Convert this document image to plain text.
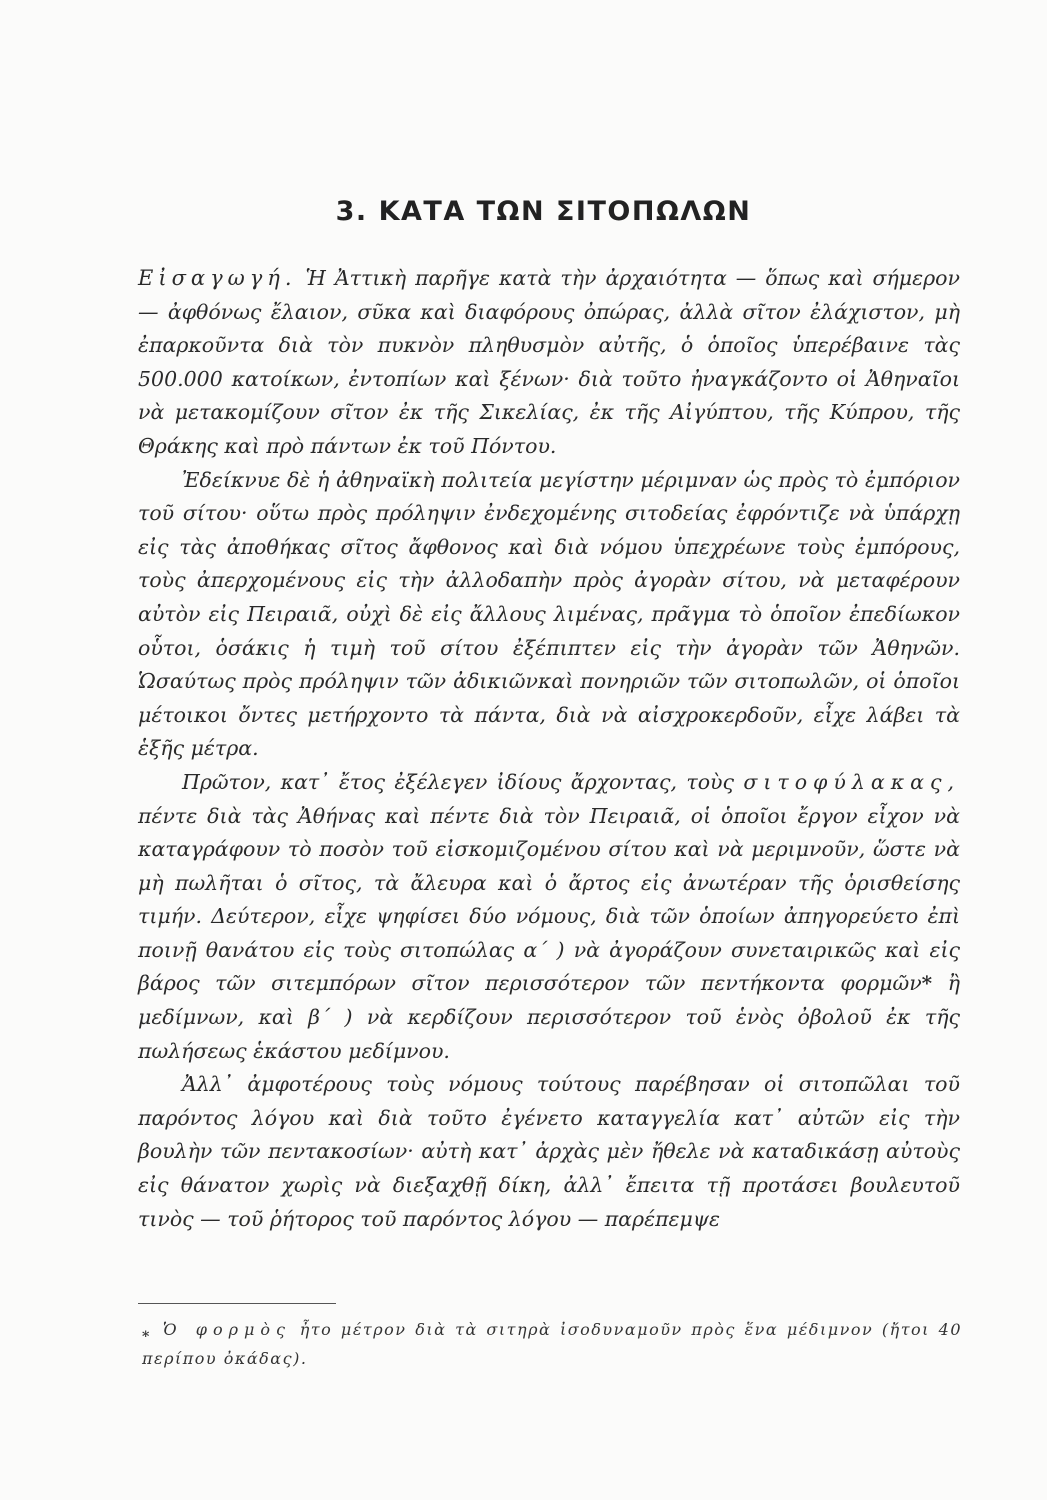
3. ΚΑΤΑ ΤΩΝ ΣΙΤΟΠΩΛΩΝ

Εἰσαγωγή. Ἡ Ἀττικὴ παρῆγε κατὰ τὴν ἀρχαιότητα — ὅπως καὶ σήμερον — ἀφθόνως ἔλαιον, σῦκα καὶ διαφόρους ὀπώρας, ἀλλὰ σῖτον ἐλάχιστον, μὴ ἐπαρκοῦντα διὰ τὸν πυκνὸν πληθυσμὸν αὐτῆς, ὁ ὁποῖος ὑπερέβαινε τὰς 500.000 κατοίκων, ἐντοπίων καὶ ξένων· διὰ τοῦτο ἠναγκάζοντο οἱ Ἀθηναῖοι νὰ μετακομίζουν σῖτον ἐκ τῆς Σικελίας, ἐκ τῆς Αἰγύπτου, τῆς Κύπρου, τῆς Θράκης καὶ πρὸ πάντων ἐκ τοῦ Πόντου.

Ἐδείκνυε δὲ ἡ ἀθηναϊκὴ πολιτεία μεγίστην μέριμναν ὡς πρὸς τὸ ἐμπόριον τοῦ σίτου· οὕτω πρὸς πρόληψιν ἐνδεχομένης σιτοδείας ἐφρόντιζε νὰ ὑπάρχῃ εἰς τὰς ἀποθήκας σῖτος ἄφθονος καὶ διὰ νόμου ὑπεχρέωνε τοὺς ἐμπόρους, τοὺς ἀπερχομένους εἰς τὴν ἀλλοδαπὴν πρὸς ἀγορὰν σίτου, νὰ μεταφέρουν αὐτὸν εἰς Πειραιᾶ, οὐχὶ δὲ εἰς ἄλλους λιμένας, πρᾶγμα τὸ ὁποῖον ἐπεδίωκον οὗτοι, ὁσάκις ἡ τιμὴ τοῦ σίτου ἐξέπιπτεν εἰς τὴν ἀγορὰν τῶν Ἀθηνῶν. Ὡσαύτως πρὸς πρόληψιν τῶν ἀδικιῶνκαὶ πονηριῶν τῶν σιτοπωλῶν, οἱ ὁποῖοι μέτοικοι ὄντες μετήρχοντο τὰ πάντα, διὰ νὰ αἰσχροκερδοῦν, εἶχε λάβει τὰ ἑξῆς μέτρα.

Πρῶτον, κατ᾽ ἔτος ἐξέλεγεν ἰδίους ἄρχοντας, τοὺς σιτοφύλακας, πέντε διὰ τὰς Ἀθήνας καὶ πέντε διὰ τὸν Πειραιᾶ, οἱ ὁποῖοι ἔργον εἶχον νὰ καταγράφουν τὸ ποσὸν τοῦ εἰσκομιζομένου σίτου καὶ νὰ μεριμνοῦν, ὥστε νὰ μὴ πωλῆται ὁ σῖτος, τὰ ἄλευρα καὶ ὁ ἄρτος εἰς ἀνωτέραν τῆς ὁρισθείσης τιμήν. Δεύτερον, εἶχε ψηφίσει δύο νόμους, διὰ τῶν ὁποίων ἀπηγορεύετο ἐπὶ ποινῇ θανάτου εἰς τοὺς σιτοπώλας α´ ) νὰ ἀγοράζουν συνεταιρικῶς καὶ εἰς βάρος τῶν σιτεμπόρων σῖτον περισσότερον τῶν πεντήκοντα φορμῶν* ἢ μεδίμνων, καὶ β´ ) νὰ κερδίζουν περισσότερον τοῦ ἑνὸς ὀβολοῦ ἐκ τῆς πωλήσεως ἑκάστου μεδίμνου.

Ἀλλ᾽ ἀμφοτέρους τοὺς νόμους τούτους παρέβησαν οἱ σιτοπῶλαι τοῦ παρόντος λόγου καὶ διὰ τοῦτο ἐγένετο καταγγελία κατ᾽ αὐτῶν εἰς τὴν βουλὴν τῶν πεντακοσίων· αὐτὴ κατ᾽ ἀρχὰς μὲν ἤθελε νὰ καταδικάσῃ αὐτοὺς εἰς θάνατον χωρὶς νὰ διεξαχθῇ δίκη, ἀλλ᾽ ἔπειτα τῇ προτάσει βουλευτοῦ τινὸς — τοῦ ῥήτορος τοῦ παρόντος λόγου — παρέπεμψε

* Ὁ φορμὸς ἦτο μέτρον διὰ τὰ σιτηρὰ ἰσοδυναμοῦν πρὸς ἕνα μέδιμνον (ἤτοι 40 περίπου ὀκάδας).
